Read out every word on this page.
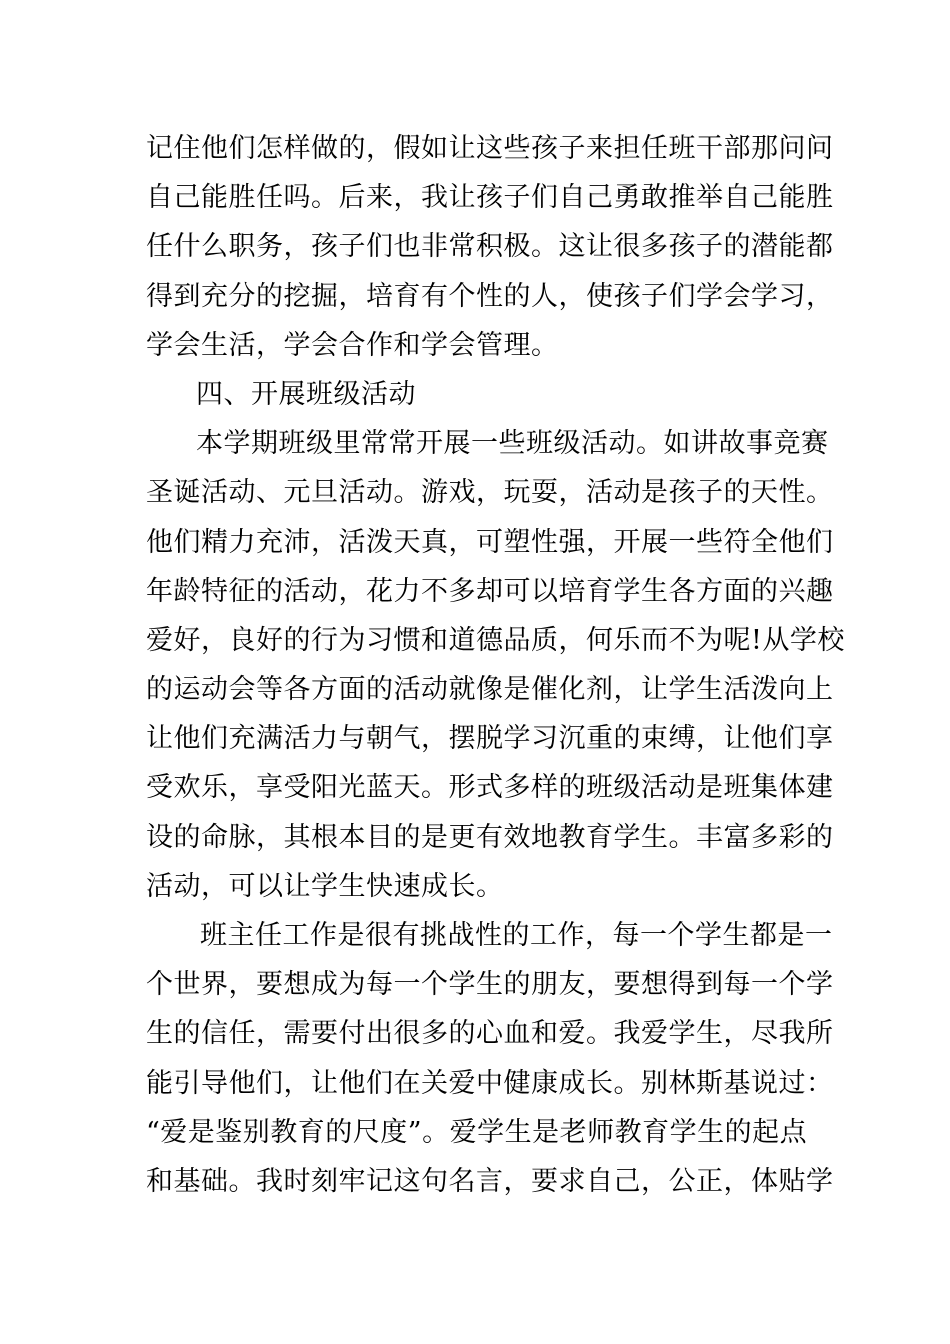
记住他们怎样做的，假如让这些孩子来担任班干部那问问
自己能胜任吗。后来，我让孩子们自己勇敢推举自己能胜
任什么职务，孩子们也非常积极。这让很多孩子的潜能都
得到充分的挖掘，培育有个性的人，使孩子们学会学习，
学会生活，学会合作和学会管理。
四、开展班级活动
本学期班级里常常开展一些班级活动。如讲故事竞赛
圣诞活动、元旦活动。游戏，玩耍，活动是孩子的天性。
他们精力充沛，活泼天真，可塑性强，开展一些符全他们
年龄特征的活动，花力不多却可以培育学生各方面的兴趣
爱好，良好的行为习惯和道德品质，何乐而不为呢!从学校
的运动会等各方面的活动就像是催化剂，让学生活泼向上
让他们充满活力与朝气，摆脱学习沉重的束缚，让他们享
受欢乐，享受阳光蓝天。形式多样的班级活动是班集体建
设的命脉，其根本目的是更有效地教育学生。丰富多彩的
活动，可以让学生快速成长。
班主任工作是很有挑战性的工作，每一个学生都是一
个世界，要想成为每一个学生的朋友，要想得到每一个学
生的信任，需要付出很多的心血和爱。我爱学生，尽我所
能引导他们，让他们在关爱中健康成长。别林斯基说过：
“爱是鉴别教育的尺度”。爱学生是老师教育学生的起点
和基础。我时刻牢记这句名言，要求自己，公正，体贴学
